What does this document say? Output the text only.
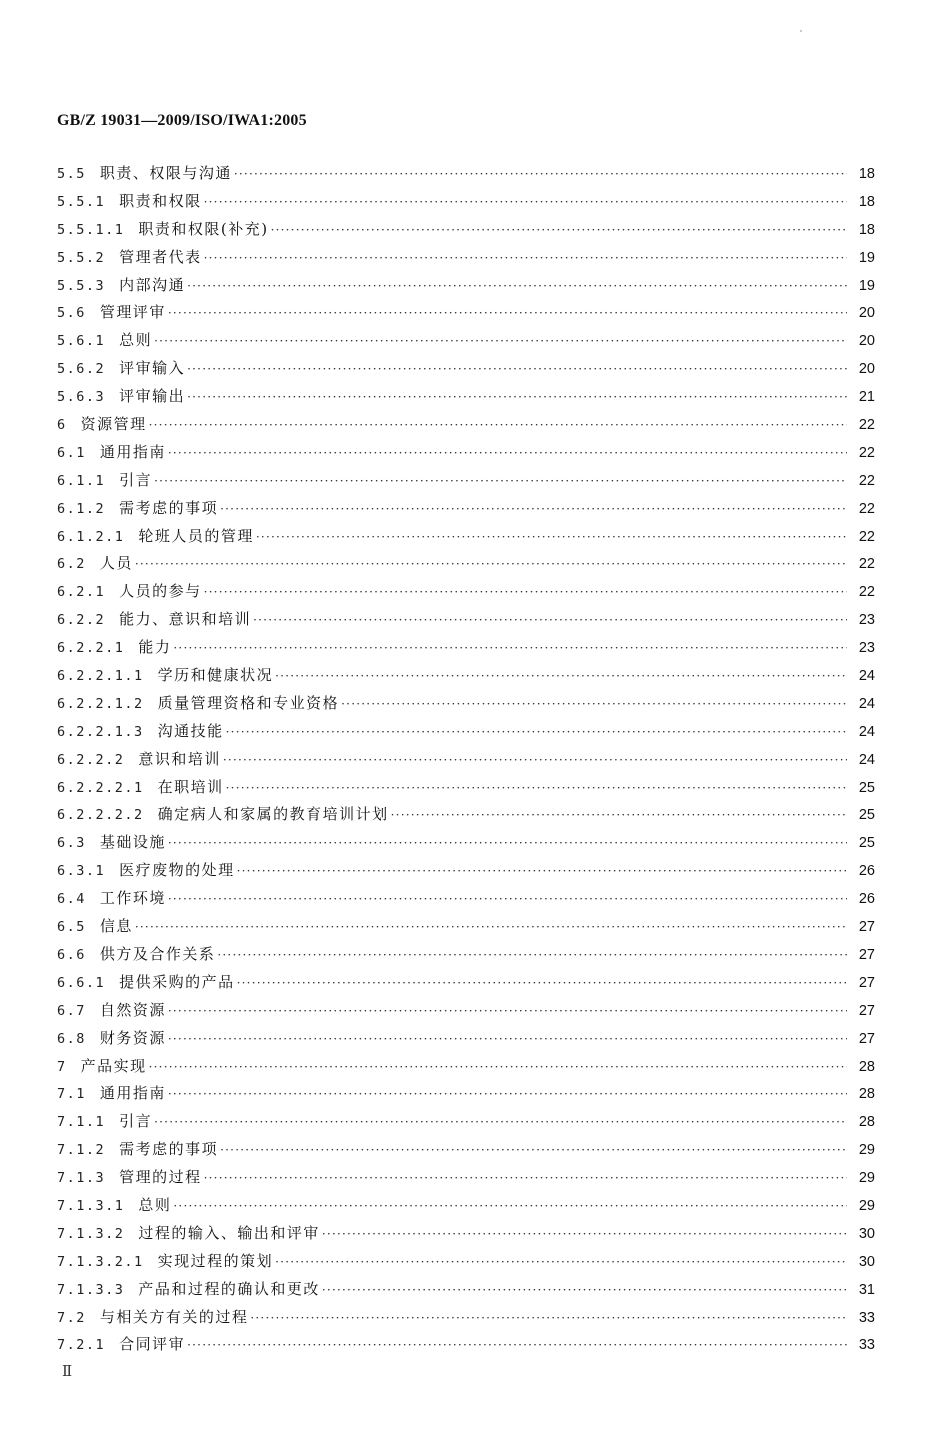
GB/Z 19031—2009/ISO/IWA1:2005
5.5 职责、权限与沟通 ·····	18
5.5.1 职责和权限 ·····	18
5.5.1.1 职责和权限(补充) ·····	18
5.5.2 管理者代表 ·····	19
5.5.3 内部沟通 ·····	19
5.6 管理评审 ·····	20
5.6.1 总则 ·····	20
5.6.2 评审输入 ·····	20
5.6.3 评审输出 ·····	21
6 资源管理 ·····	22
6.1 通用指南 ·····	22
6.1.1 引言 ·····	22
6.1.2 需考虑的事项 ·····	22
6.1.2.1 轮班人员的管理 ·····	22
6.2 人员 ·····	22
6.2.1 人员的参与 ·····	22
6.2.2 能力、意识和培训 ·····	23
6.2.2.1 能力 ·····	23
6.2.2.1.1 学历和健康状况 ·····	24
6.2.2.1.2 质量管理资格和专业资格 ·····	24
6.2.2.1.3 沟通技能 ·····	24
6.2.2.2 意识和培训 ·····	24
6.2.2.2.1 在职培训 ·····	25
6.2.2.2.2 确定病人和家属的教育培训计划 ·····	25
6.3 基础设施 ·····	25
6.3.1 医疗废物的处理 ·····	26
6.4 工作环境 ·····	26
6.5 信息 ·····	27
6.6 供方及合作关系 ·····	27
6.6.1 提供采购的产品 ·····	27
6.7 自然资源 ·····	27
6.8 财务资源 ·····	27
7 产品实现 ·····	28
7.1 通用指南 ·····	28
7.1.1 引言 ·····	28
7.1.2 需考虑的事项 ·····	29
7.1.3 管理的过程 ·····	29
7.1.3.1 总则 ·····	29
7.1.3.2 过程的输入、输出和评审 ·····	30
7.1.3.2.1 实现过程的策划 ·····	30
7.1.3.3 产品和过程的确认和更改 ·····	31
7.2 与相关方有关的过程 ·····	33
7.2.1 合同评审 ·····	33
Ⅱ
